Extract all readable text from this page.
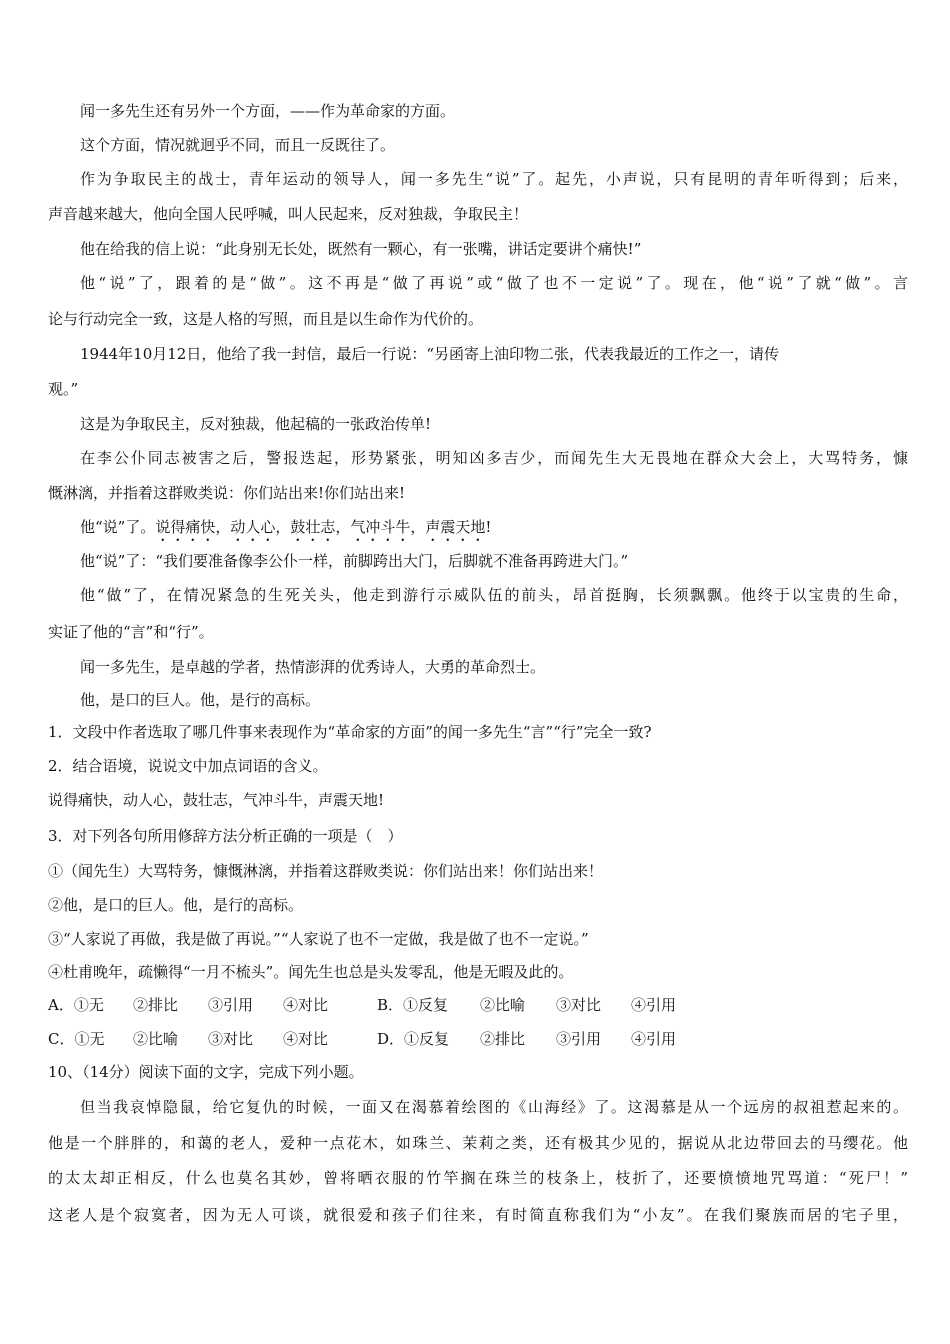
闻一多先生还有另外一个方面，——作为革命家的方面。
这个方面，情况就迥乎不同，而且一反既往了。
作为争取民主的战士，青年运动的领导人，闻一多先生“说”了。起先，小声说，只有昆明的青年听得到；后来，
声音越来越大，他向全国人民呼喊，叫人民起来，反对独裁，争取民主！
他在给我的信上说：“此身别无长处，既然有一颗心，有一张嘴，讲话定要讲个痛快!”
他“说”了，跟着的是“做”。这不再是“做了再说”或“做了也不一定说”了。现在，他“说”了就“做”。言
论与行动完全一致，这是人格的写照，而且是以生命作为代价的。
1944年10月12日，他给了我一封信，最后一行说：“另函寄上油印物二张，代表我最近的工作之一，请传
观。”
这是为争取民主，反对独裁，他起稿的一张政治传单!
在李公仆同志被害之后，警报迭起，形势紧张，明知凶多吉少，而闻先生大无畏地在群众大会上，大骂特务，慷
慨淋漓，并指着这群败类说：你们站出来!你们站出来!
他“说”了。说得痛快，动人心，鼓壮志，气冲斗牛，声震天地!
他“说”了：“我们要准备像李公仆一样，前脚跨出大门，后脚就不准备再跨进大门。”
他“做”了，在情况紧急的生死关头，他走到游行示威队伍的前头，昂首挺胸，长须飘飘。他终于以宝贵的生命，
实证了他的“言”和“行”。
闻一多先生，是卓越的学者，热情澎湃的优秀诗人，大勇的革命烈士。
他，是口的巨人。他，是行的高标。
1．文段中作者选取了哪几件事来表现作为“革命家的方面”的闻一多先生“言”“行”完全一致?
2．结合语境，说说文中加点词语的含义。
说得痛快，动人心，鼓壮志，气冲斗牛，声震天地!
3．对下列各句所用修辞方法分析正确的一项是（　）
①（闻先生）大骂特务，慷慨淋漓，并指着这群败类说：你们站出来！你们站出来！
②他，是口的巨人。他，是行的高标。
③“人家说了再做，我是做了再说。”“人家说了也不一定做，我是做了也不一定说。”
④杜甫晚年，疏懒得“一月不梳头”。闻先生也总是头发零乱，他是无暇及此的。
A．①无 ②排比 ③引用 ④对比	B．①反复 ②比喻 ③对比 ④引用
C．①无 ②比喻 ③对比 ④对比	D．①反复 ②排比 ③引用 ④引用
10、（14分）阅读下面的文字，完成下列小题。
但当我哀悼隐鼠，给它复仇的时候，一面又在渴慕着绘图的《山海经》了。这渴慕是从一个远房的叔祖惹起来的。
他是一个胖胖的，和蔼的老人，爱种一点花木，如珠兰、茉莉之类，还有极其少见的，据说从北边带回去的马缨花。他
的太太却正相反，什么也莫名其妙，曾将晒衣服的竹竿搁在珠兰的枝条上，枝折了，还要愤愤地咒骂道：“死尸！”
这老人是个寂寞者，因为无人可谈，就很爱和孩子们往来，有时简直称我们为“小友”。在我们聚族而居的宅子里，
